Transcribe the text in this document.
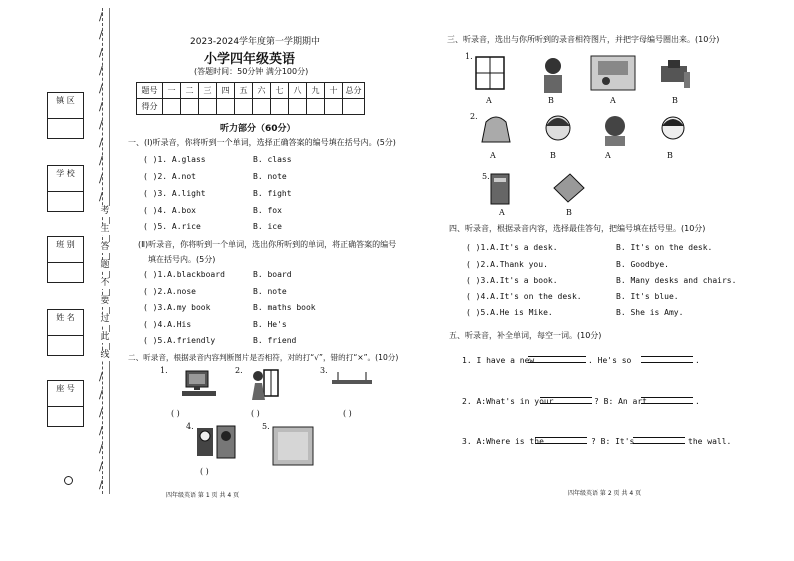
镇 区
学 校
班 别
姓 名
座 号
/
/
/
/
/
/
/
/
/
/
/
/
/
/
/
/
/
/
考
生
答
题
不
要
过
此
线
2023-2024学年度第一学期期中
小学四年级英语
(答题时间：50分钟 满分100分)
题号	一	二	三	四	五	六	七	八	九	十	总分
得分											
听力部分（60分）
一、(Ⅰ)听录音，你将听到一个单词，选择正确答案的编号填在括号内。(5分)
( )1. A.glass	B. class
( )2. A.not	B. note
( )3. A.light	B. fight
( )4. A.box	B. fox
( )5. A.rice	B. ice
(Ⅱ)听录音，你将听到一个单词，选出你所听到的单词，将正确答案的编号
填在括号内。(5分)
( )1.A.blackboard	B. board
( )2.A.nose	B. note
( )3.A.my book	B. maths book
( )4.A.His	B. He's
( )5.A.friendly	B. friend
二、听录音，根据录音内容判断图片是否相符，对的打“√”，错的打“×”。(10分)
1.
( )
2.
( )
3.
( )
4.
( )
5.
四年级英语 第 1 页 共 4 页
三、听录音，选出与你所听到的录音相符图片，并把字母编号圈出来。(10分)
1.
A	B	A	B
2.
A	B	A	B
5.
A	B
四、听录音，根据录音内容，选择最佳答句，把编号填在括号里。(10分)
( )1.A.It's a desk.	B. It's on the desk.
( )2.A.Thank you.	B. Goodbye.
( )3.A.It's a book.	B. Many desks and chairs.
( )4.A.It's on the desk.	B. It's blue.
( )5.A.He is Mike.	B. She is Amy.
五、听录音，补全单词，每空一词。(10分)
1. I have a new	. He's so	.
2. A:What's in your	? B: An art	.
3. A:Where is the	? B: It's	the wall.
四年级英语 第 2 页 共 4 页
